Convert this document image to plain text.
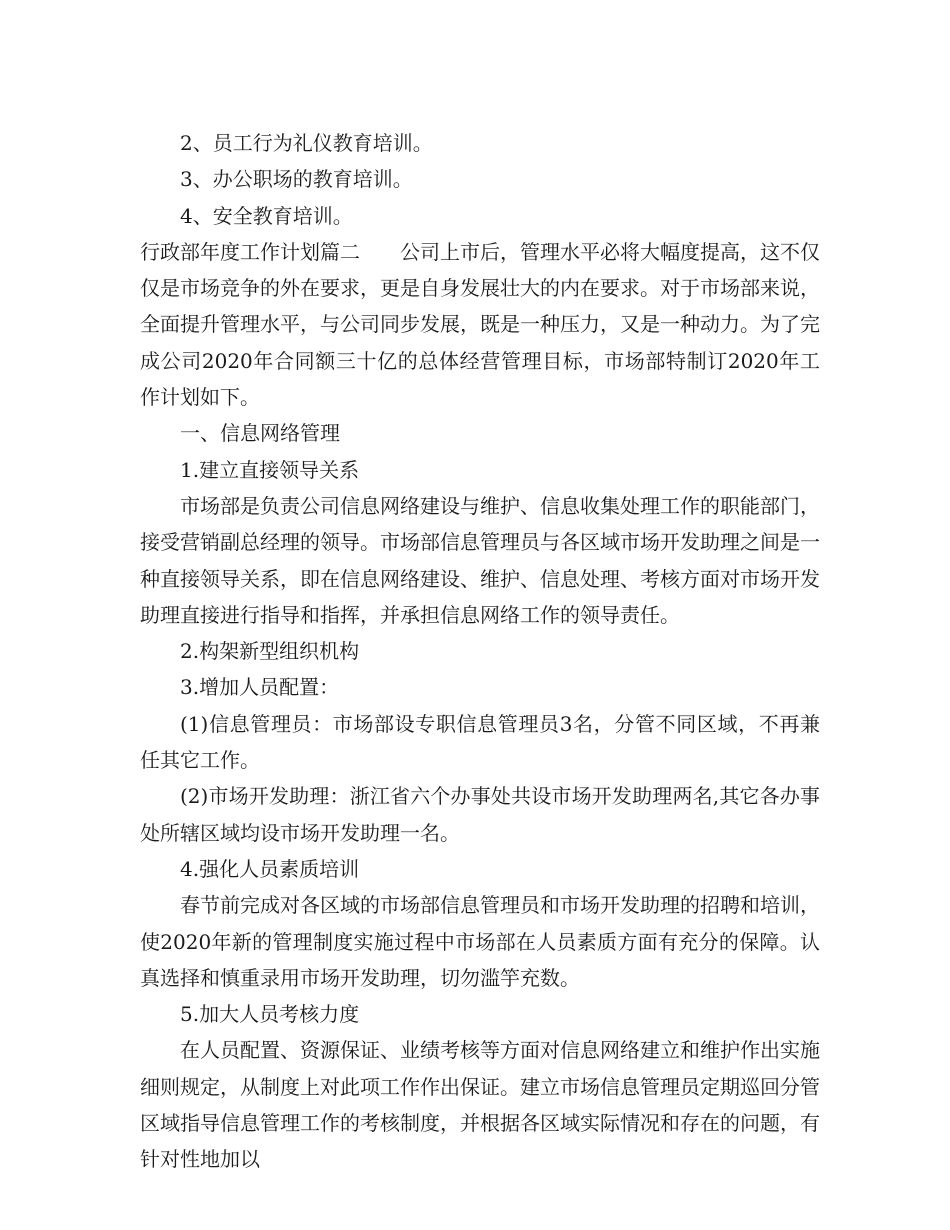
2、员工行为礼仪教育培训。

3、办公职场的教育培训。

4、安全教育培训。

行政部年度工作计划篇二 公司上市后，管理水平必将大幅度提高，这不仅仅是市场竞争的外在要求，更是自身发展壮大的内在要求。对于市场部来说，全面提升管理水平，与公司同步发展，既是一种压力，又是一种动力。为了完成公司2020年合同额三十亿的总体经营管理目标，市场部特制订2020年工作计划如下。

一、信息网络管理

1.建立直接领导关系

市场部是负责公司信息网络建设与维护、信息收集处理工作的职能部门，接受营销副总经理的领导。市场部信息管理员与各区域市场开发助理之间是一种直接领导关系，即在信息网络建设、维护、信息处理、考核方面对市场开发助理直接进行指导和指挥，并承担信息网络工作的领导责任。

2.构架新型组织机构

3.增加人员配置：

(1)信息管理员：市场部设专职信息管理员3名，分管不同区域，不再兼任其它工作。

(2)市场开发助理：浙江省六个办事处共设市场开发助理两名,其它各办事处所辖区域均设市场开发助理一名。

4.强化人员素质培训

春节前完成对各区域的市场部信息管理员和市场开发助理的招聘和培训，使2020年新的管理制度实施过程中市场部在人员素质方面有充分的保障。认真选择和慎重录用市场开发助理，切勿滥竽充数。

5.加大人员考核力度

在人员配置、资源保证、业绩考核等方面对信息网络建立和维护作出实施细则规定，从制度上对此项工作作出保证。建立市场信息管理员定期巡回分管区域指导信息管理工作的考核制度，并根据各区域实际情况和存在的问题，有针对性地加以
